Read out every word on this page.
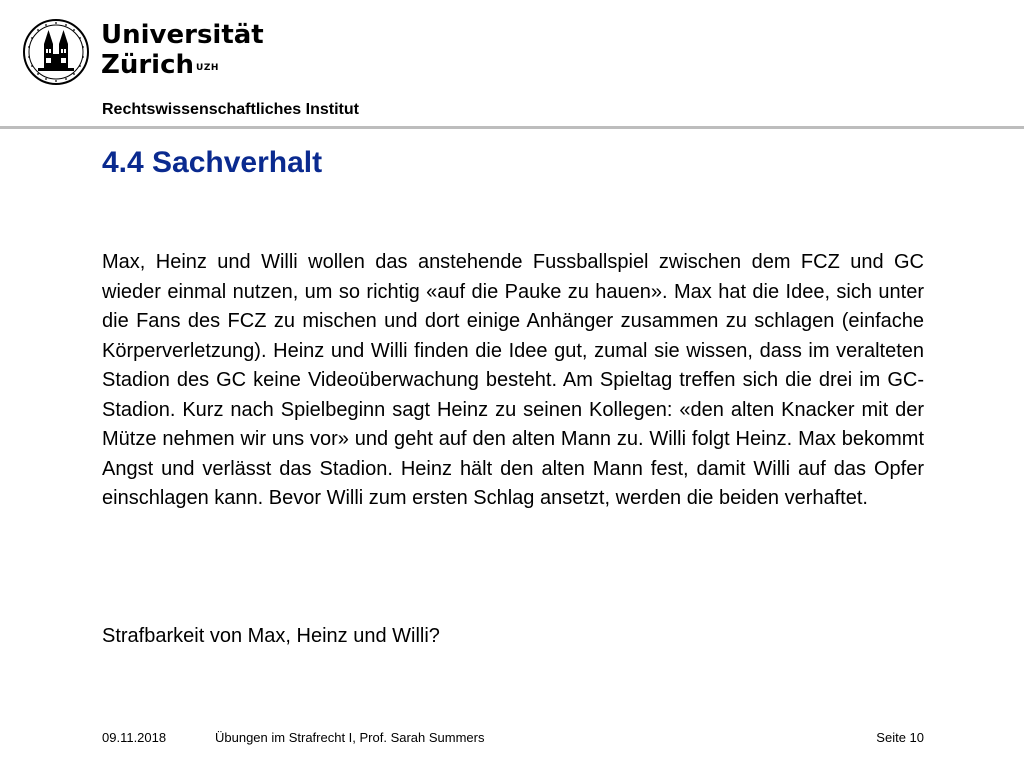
Universität
Zürich $^{UZH}$
Rechtswissenschaftliches Institut
4.4 Sachverhalt

Max, Heinz und Willi wollen das anstehende Fussballspiel zwischen dem FCZ und GC wieder einmal nutzen, um so richtig «auf die Pauke zu hauen». Max hat die Idee, sich unter die Fans des FCZ zu mischen und dort einige Anhänger zusammen zu schlagen (einfache Körperverletzung). Heinz und Willi finden die Idee gut, zumal sie wissen, dass im veralteten Stadion des GC keine Videoüberwachung besteht. Am Spieltag treffen sich die drei im GC-Stadion. Kurz nach Spielbeginn sagt Heinz zu seinen Kollegen: «den alten Knacker mit der Mütze nehmen wir uns vor» und geht auf den alten Mann zu. Willi folgt Heinz. Max bekommt Angst und verlässt das Stadion. Heinz hält den alten Mann fest, damit Willi auf das Opfer einschlagen kann. Bevor Willi zum ersten Schlag ansetzt, werden die beiden verhaftet.

Strafbarkeit von Max, Heinz und Willi?

09.11.2018	Übungen im Strafrecht I, Prof. Sarah Summers	Seite 10
